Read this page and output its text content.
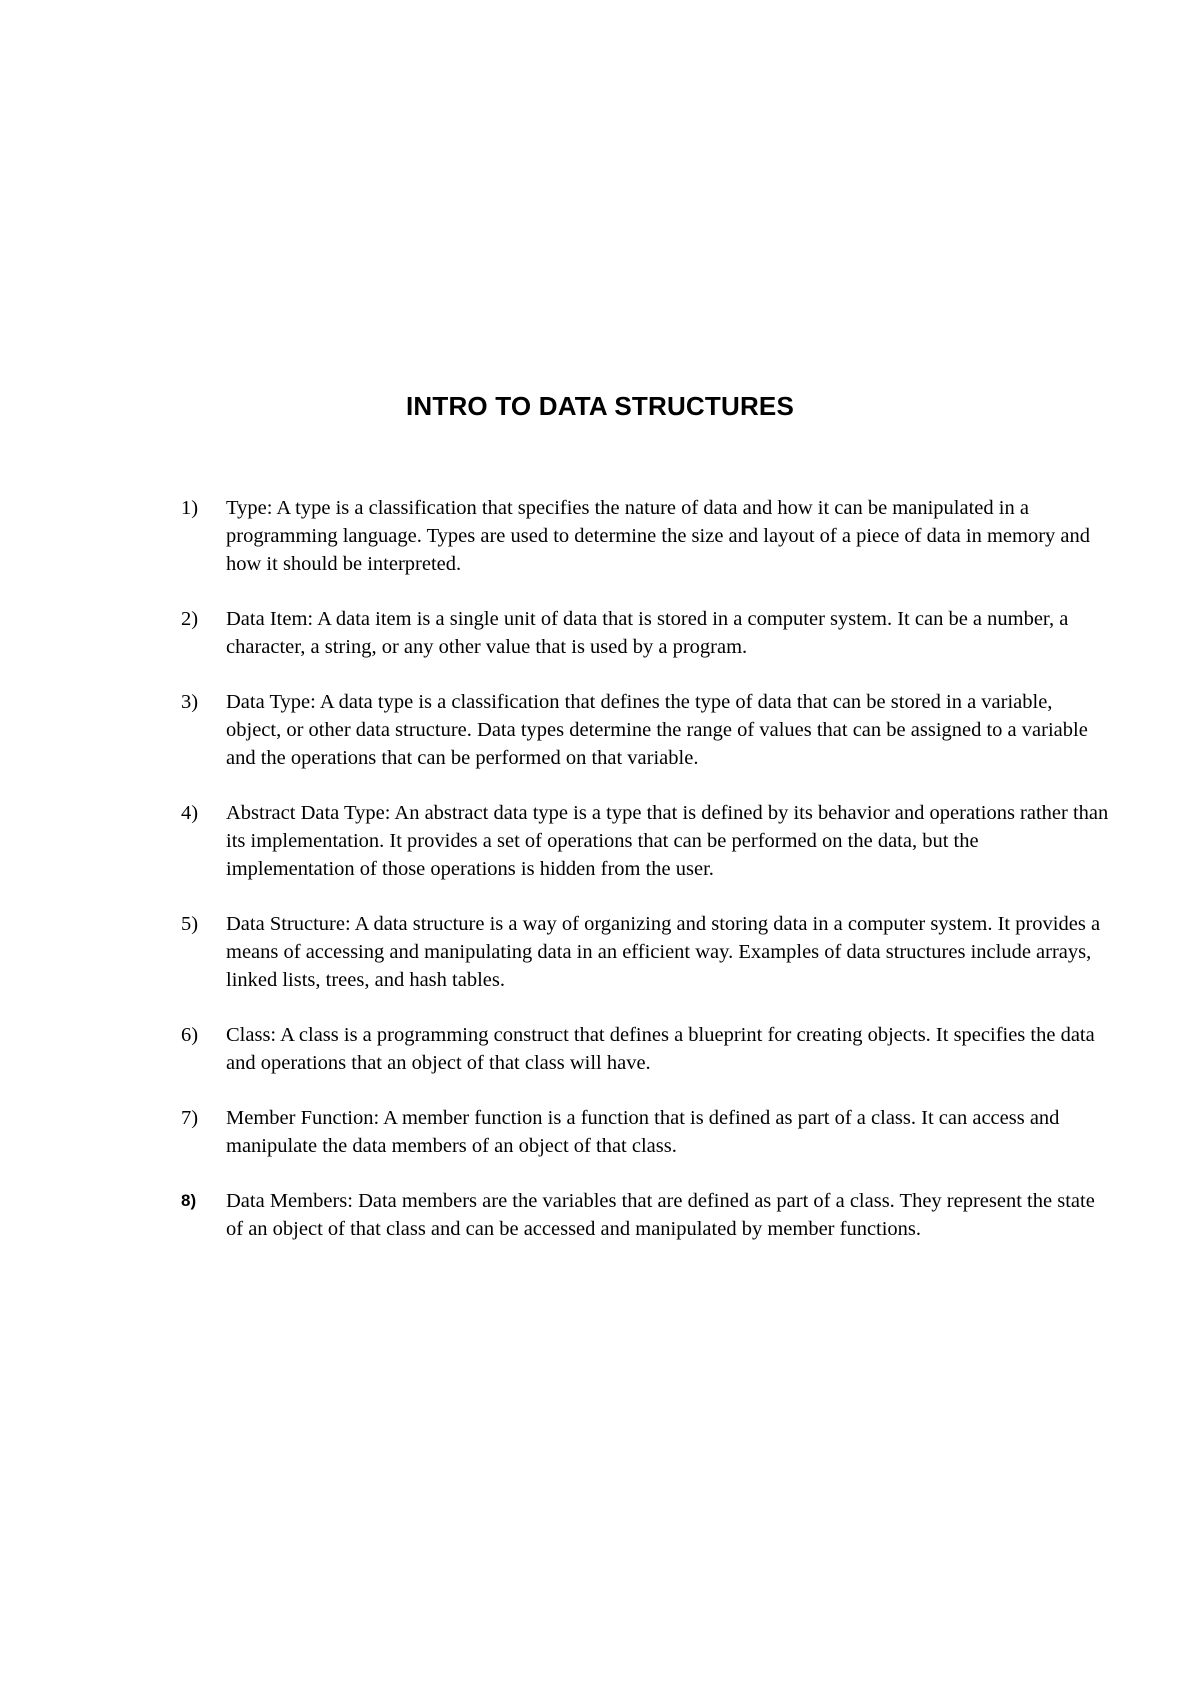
INTRO TO DATA STRUCTURES
1)	Type: A type is a classification that specifies the nature of data and how it can be manipulated in a programming language. Types are used to determine the size and layout of a piece of data in memory and how it should be interpreted.
2)	Data Item: A data item is a single unit of data that is stored in a computer system. It can be a number, a character, a string, or any other value that is used by a program.
3)	Data Type: A data type is a classification that defines the type of data that can be stored in a variable, object, or other data structure. Data types determine the range of values that can be assigned to a variable and the operations that can be performed on that variable.
4)	Abstract Data Type: An abstract data type is a type that is defined by its behavior and operations rather than its implementation. It provides a set of operations that can be performed on the data, but the implementation of those operations is hidden from the user.
5)	Data Structure: A data structure is a way of organizing and storing data in a computer system. It provides a means of accessing and manipulating data in an efficient way. Examples of data structures include arrays, linked lists, trees, and hash tables.
6)	Class: A class is a programming construct that defines a blueprint for creating objects. It specifies the data and operations that an object of that class will have.
7)	Member Function: A member function is a function that is defined as part of a class. It can access and manipulate the data members of an object of that class.
8)	Data Members: Data members are the variables that are defined as part of a class. They represent the state of an object of that class and can be accessed and manipulated by member functions.
